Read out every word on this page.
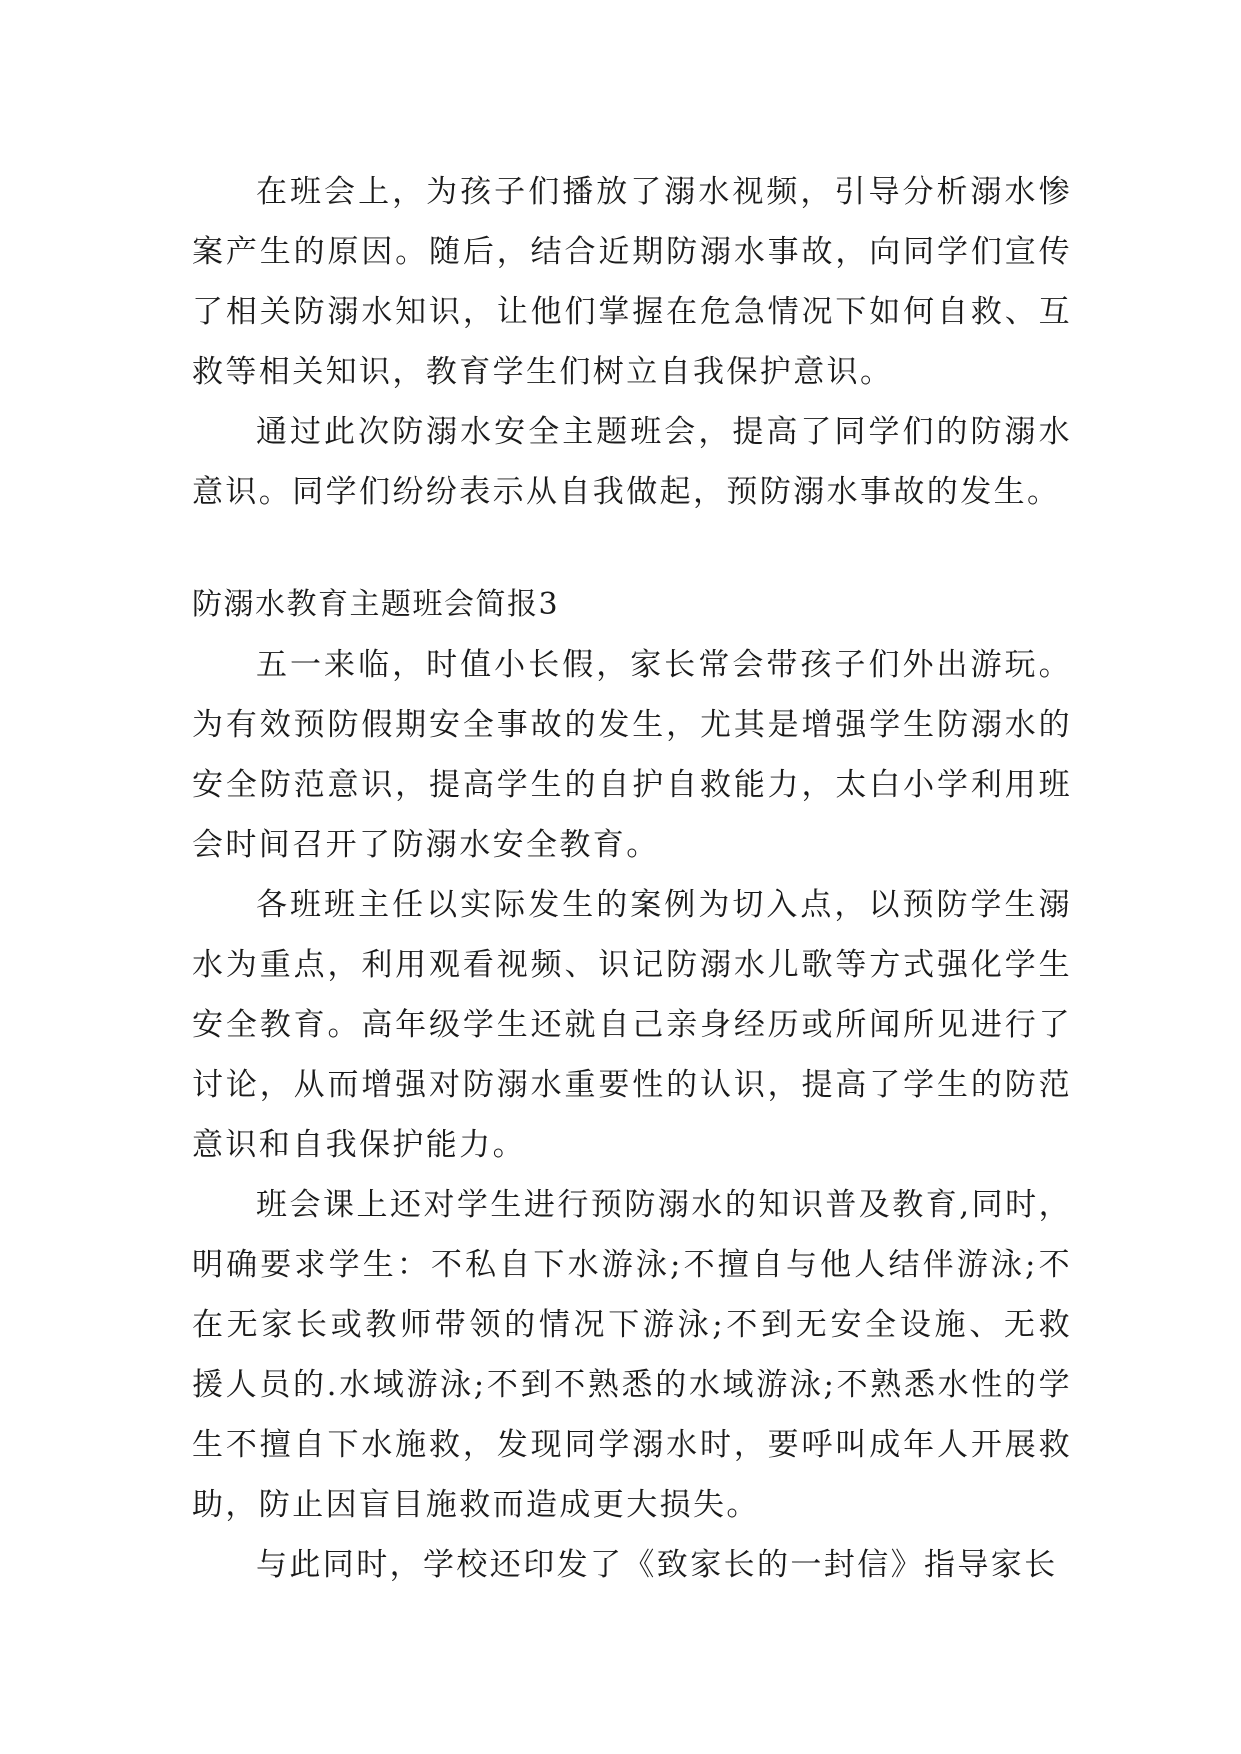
在班会上，为孩子们播放了溺水视频，引导分析溺水惨案产生的原因。随后，结合近期防溺水事故，向同学们宣传了相关防溺水知识，让他们掌握在危急情况下如何自救、互救等相关知识，教育学生们树立自我保护意识。

通过此次防溺水安全主题班会，提高了同学们的防溺水意识。同学们纷纷表示从自我做起，预防溺水事故的发生。

防溺水教育主题班会简报3

五一来临，时值小长假，家长常会带孩子们外出游玩。为有效预防假期安全事故的发生，尤其是增强学生防溺水的安全防范意识，提高学生的自护自救能力，太白小学利用班会时间召开了防溺水安全教育。

各班班主任以实际发生的案例为切入点，以预防学生溺水为重点，利用观看视频、识记防溺水儿歌等方式强化学生安全教育。高年级学生还就自己亲身经历或所闻所见进行了讨论，从而增强对防溺水重要性的认识，提高了学生的防范意识和自我保护能力。

班会课上还对学生进行预防溺水的知识普及教育,同时，明确要求学生：不私自下水游泳;不擅自与他人结伴游泳;不在无家长或教师带领的情况下游泳;不到无安全设施、无救援人员的.水域游泳;不到不熟悉的水域游泳;不熟悉水性的学生不擅自下水施救，发现同学溺水时，要呼叫成年人开展救助，防止因盲目施救而造成更大损失。

与此同时，学校还印发了《致家长的一封信》指导家长
